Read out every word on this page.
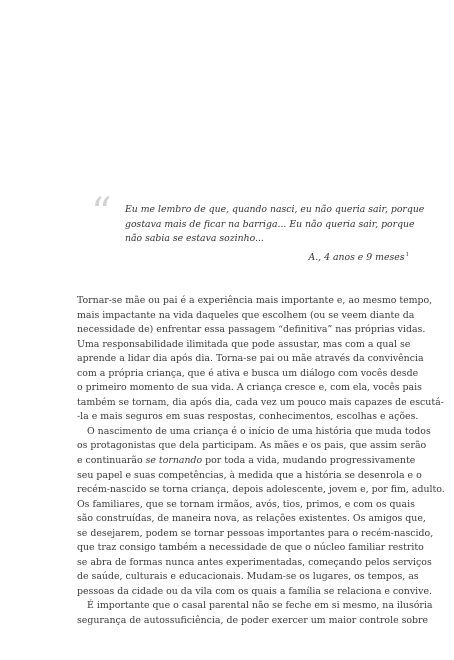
“ Eu me lembro de que, quando nasci, eu não queria sair, porque
gostava mais de ficar na barriga... Eu não queria sair, porque
não sabia se estava sozinho...

A., 4 anos e 9 meses$^1$
Tornar-se mãe ou pai é a experiência mais importante e, ao mesmo tempo,
mais impactante na vida daqueles que escolhem (ou se veem diante da
necessidade de) enfrentar essa passagem “definitiva” nas próprias vidas.
Uma responsabilidade ilimitada que pode assustar, mas com a qual se
aprende a lidar dia após dia. Torna-se pai ou mãe através da convivência
com a própria criança, que é ativa e busca um diálogo com vocês desde
o primeiro momento de sua vida. A criança cresce e, com ela, vocês pais
também se tornam, dia após dia, cada vez um pouco mais capazes de escutá-
-la e mais seguros em suas respostas, conhecimentos, escolhas e ações.
O nascimento de uma criança é o início de uma história que muda todos
os protagonistas que dela participam. As mães e os pais, que assim serão
e continuarão se tornando por toda a vida, mudando progressivamente
seu papel e suas competências, à medida que a história se desenrola e o
recém-nascido se torna criança, depois adolescente, jovem e, por fim, adulto.
Os familiares, que se tornam irmãos, avós, tios, primos, e com os quais
são construídas, de maneira nova, as relações existentes. Os amigos que,
se desejarem, podem se tornar pessoas importantes para o recém-nascido,
que traz consigo também a necessidade de que o núcleo familiar restrito
se abra de formas nunca antes experimentadas, começando pelos serviços
de saúde, culturais e educacionais. Mudam-se os lugares, os tempos, as
pessoas da cidade ou da vila com os quais a família se relaciona e convive.
É importante que o casal parental não se feche em si mesmo, na ilusória
segurança de autossuficiência, de poder exercer um maior controle sobre
